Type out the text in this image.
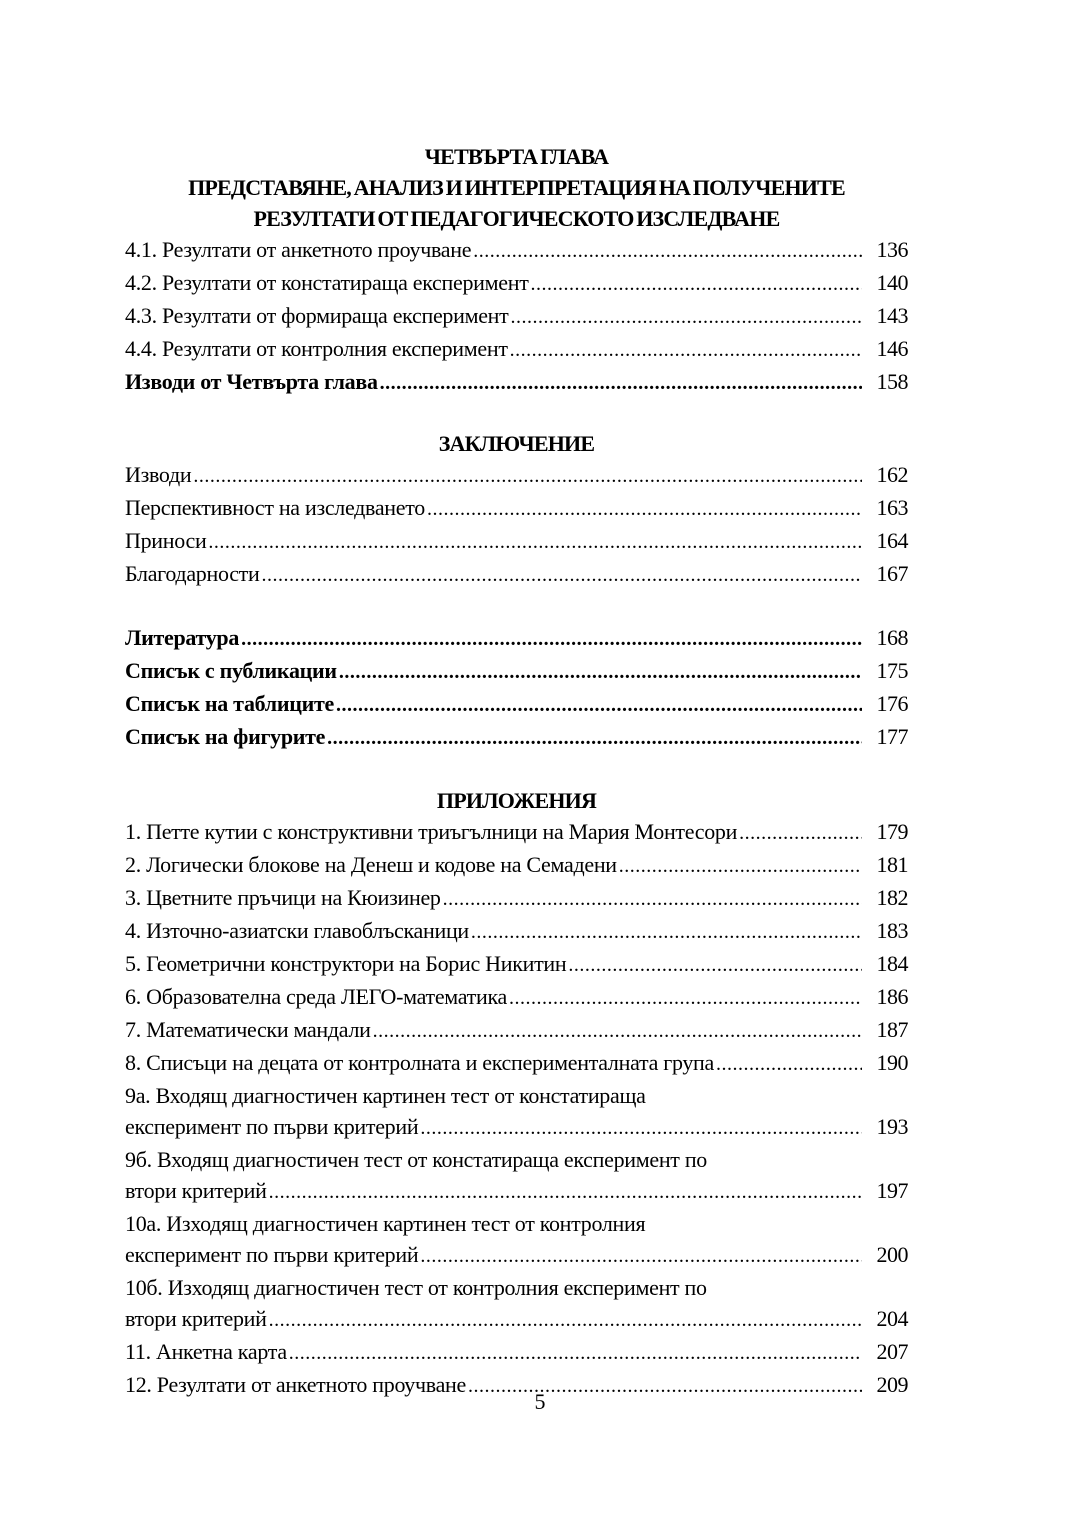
ЧЕТВЪРТА ГЛАВА
ПРЕДСТАВЯНЕ, АНАЛИЗ И ИНТЕРПРЕТАЦИЯ НА ПОЛУЧЕНИТЕ
РЕЗУЛТАТИ ОТ ПЕДАГОГИЧЕСКОТО ИЗСЛЕДВАНЕ
4.1. Резултати от анкетното проучване .....	136
4.2. Резултати от констатираща експеримент .....	140
4.3. Резултати от формираща експеримент .....	143
4.4. Резултати от контролния експеримент .....	146
Изводи от Четвърта глава .....	158
ЗАКЛЮЧЕНИЕ
Изводи .....	162
Перспективност на изследването .....	163
Приноси .....	164
Благодарности .....	167
Литература .....	168
Списък с публикации .....	175
Списък на таблиците .....	176
Списък на фигурите .....	177
ПРИЛОЖЕНИЯ
1. Петте кутии с конструктивни триъгълници на Мария Монтесори .....	179
2. Логически блокове на Денеш и кодове на Семадени .....	181
3. Цветните пръчици на Кюизинер .....	182
4. Източно-азиатски главоблъсканици .....	183
5. Геометрични конструктори на Борис Никитин .....	184
6. Образователна среда ЛЕГО-математика .....	186
7. Математически мандали .....	187
8. Списъци на децата от контролната и експерименталната група .....	190
9а. Входящ диагностичен картинен тест от констатираща
експеримент по първи критерий .....	193
9б. Входящ диагностичен тест от констатираща експеримент по
втори критерий .....	197
10а. Изходящ диагностичен картинен тест от контролния
експеримент по първи критерий .....	200
10б. Изходящ диагностичен тест от контролния експеримент по
втори критерий .....	204
11. Анкетна карта .....	207
12. Резултати от анкетното проучване .....	209
5
